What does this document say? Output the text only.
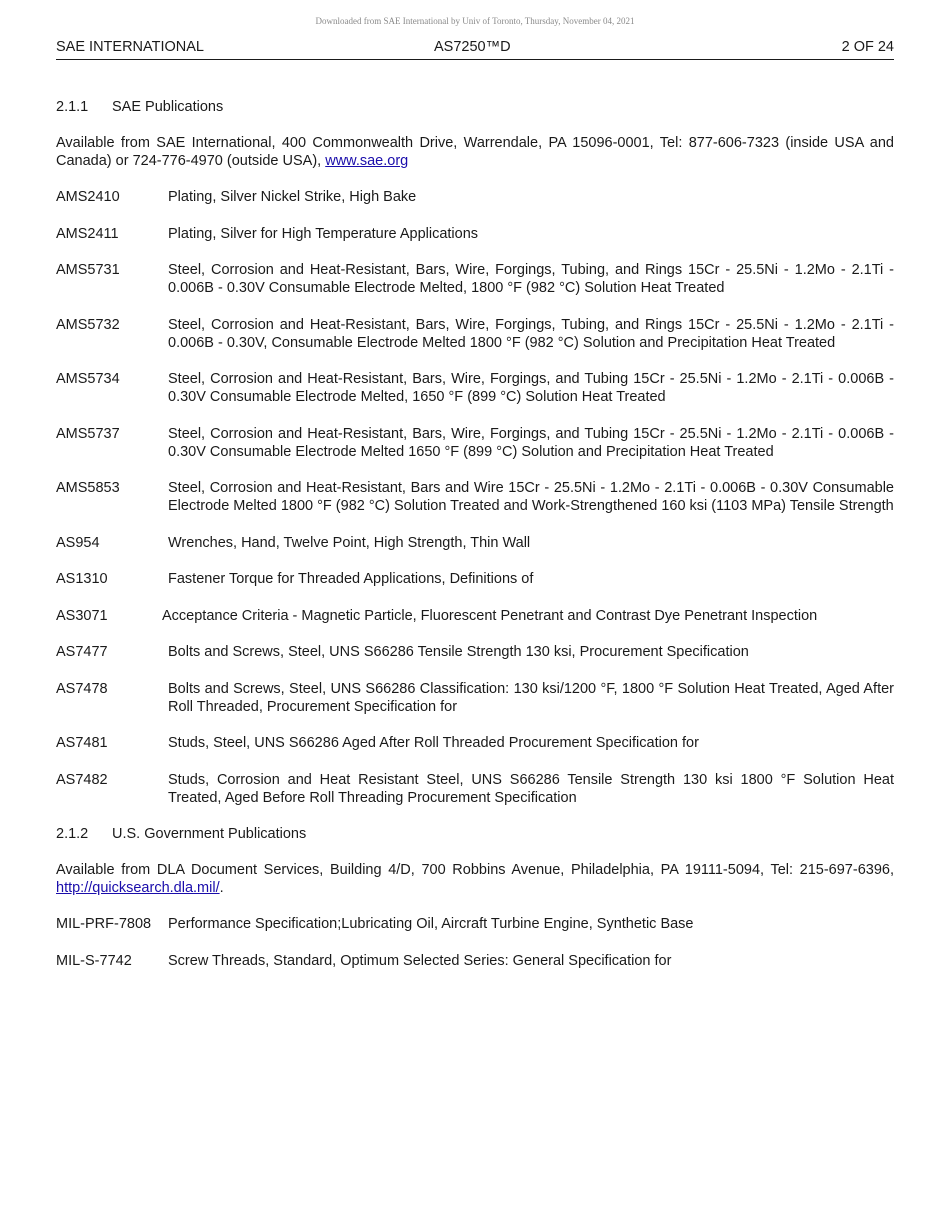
Downloaded from SAE International by Univ of Toronto, Thursday, November 04, 2021
SAE INTERNATIONAL	AS7250™D	2 OF 24
2.1.1	SAE Publications
Available from SAE International, 400 Commonwealth Drive, Warrendale, PA 15096-0001, Tel: 877-606-7323 (inside USA and Canada) or 724-776-4970 (outside USA), www.sae.org
AMS2410	Plating, Silver Nickel Strike, High Bake
AMS2411	Plating, Silver for High Temperature Applications
AMS5731	Steel, Corrosion and Heat-Resistant, Bars, Wire, Forgings, Tubing, and Rings 15Cr - 25.5Ni - 1.2Mo - 2.1Ti - 0.006B - 0.30V Consumable Electrode Melted, 1800 °F (982 °C) Solution Heat Treated
AMS5732	Steel, Corrosion and Heat-Resistant, Bars, Wire, Forgings, Tubing, and Rings 15Cr - 25.5Ni - 1.2Mo - 2.1Ti - 0.006B - 0.30V, Consumable Electrode Melted 1800 °F (982 °C) Solution and Precipitation Heat Treated
AMS5734	Steel, Corrosion and Heat-Resistant, Bars, Wire, Forgings, and Tubing 15Cr - 25.5Ni - 1.2Mo - 2.1Ti - 0.006B - 0.30V Consumable Electrode Melted, 1650 °F (899 °C) Solution Heat Treated
AMS5737	Steel, Corrosion and Heat-Resistant, Bars, Wire, Forgings, and Tubing 15Cr - 25.5Ni - 1.2Mo - 2.1Ti - 0.006B - 0.30V Consumable Electrode Melted 1650 °F (899 °C) Solution and Precipitation Heat Treated
AMS5853	Steel, Corrosion and Heat-Resistant, Bars and Wire 15Cr - 25.5Ni - 1.2Mo - 2.1Ti - 0.006B - 0.30V Consumable Electrode Melted 1800 °F (982 °C) Solution Treated and Work-Strengthened 160 ksi (1103 MPa) Tensile Strength
AS954	Wrenches, Hand, Twelve Point, High Strength, Thin Wall
AS1310	Fastener Torque for Threaded Applications, Definitions of
AS3071	Acceptance Criteria - Magnetic Particle, Fluorescent Penetrant and Contrast Dye Penetrant Inspection
AS7477	Bolts and Screws, Steel, UNS S66286 Tensile Strength 130 ksi, Procurement Specification
AS7478	Bolts and Screws, Steel, UNS S66286 Classification: 130 ksi/1200 °F, 1800 °F Solution Heat Treated, Aged After Roll Threaded, Procurement Specification for
AS7481	Studs, Steel, UNS S66286 Aged After Roll Threaded Procurement Specification for
AS7482	Studs, Corrosion and Heat Resistant Steel, UNS S66286 Tensile Strength 130 ksi 1800 °F Solution Heat Treated, Aged Before Roll Threading Procurement Specification
2.1.2	U.S. Government Publications
Available from DLA Document Services, Building 4/D, 700 Robbins Avenue, Philadelphia, PA 19111-5094, Tel: 215-697-6396, http://quicksearch.dla.mil/.
MIL-PRF-7808	Performance Specification;Lubricating Oil, Aircraft Turbine Engine, Synthetic Base
MIL-S-7742	Screw Threads, Standard, Optimum Selected Series: General Specification for
